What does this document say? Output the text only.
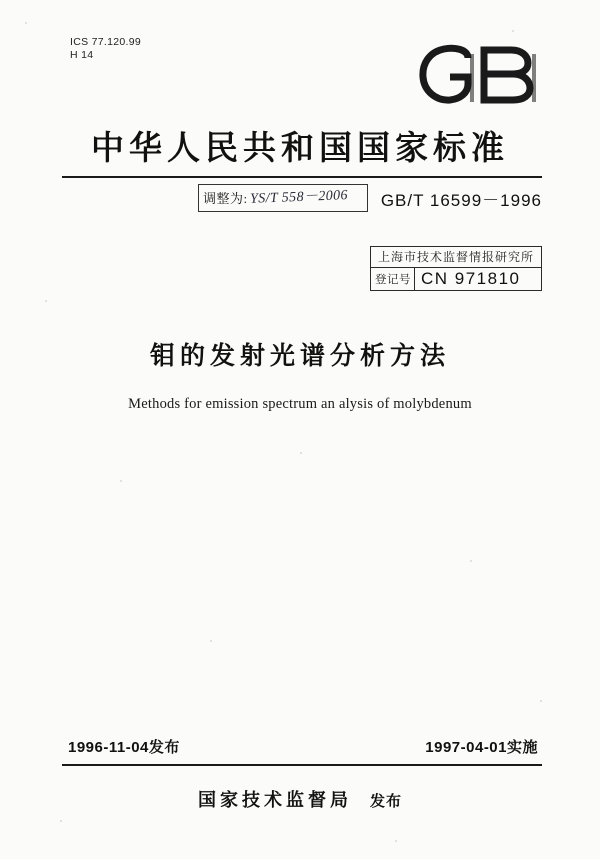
ICS 77.120.99
H 14
中华人民共和国国家标准
调整为: YS/T 558－2006 GB/T 16599－1996
上海市技术监督情报研究所
登记号 CN 971810
钼的发射光谱分析方法
Methods for emission spectrum an alysis of molybdenum
1996-11-04发布	1997-04-01实施
国家技术监督局 发布
